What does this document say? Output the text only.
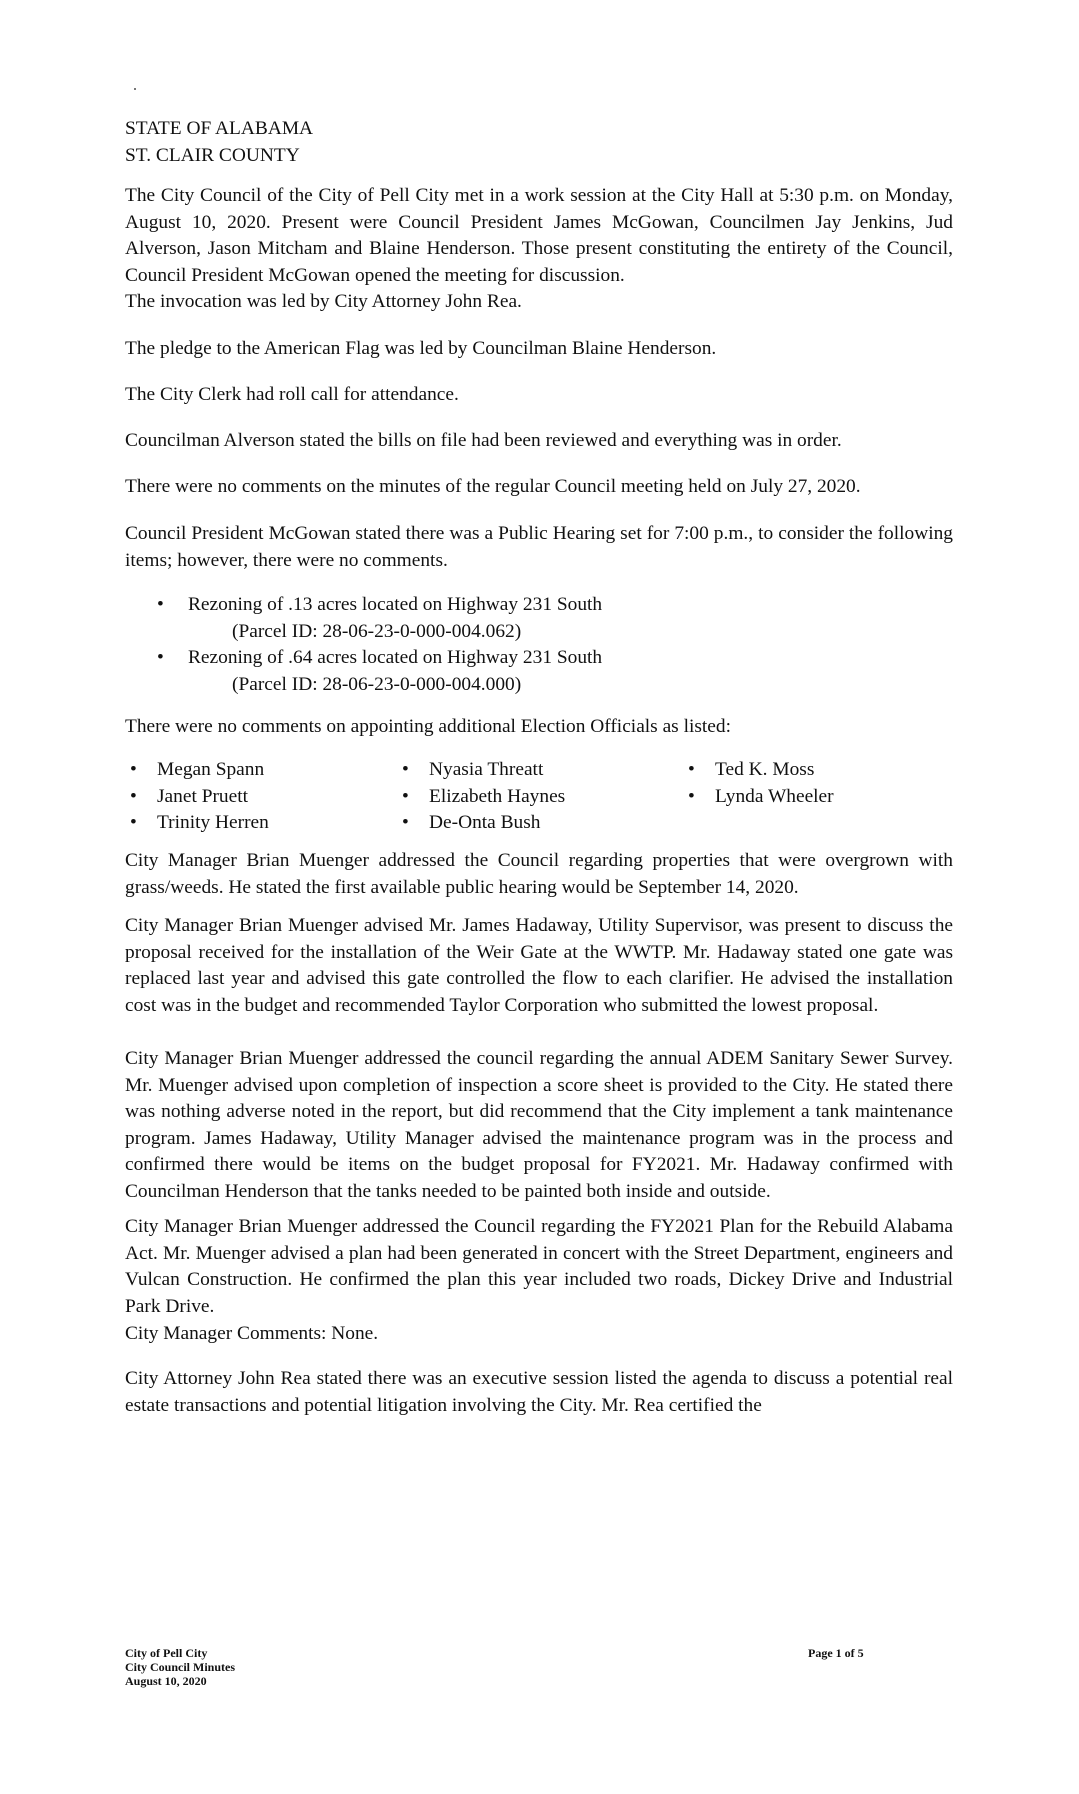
STATE OF ALABAMA
ST. CLAIR COUNTY

The City Council of the City of Pell City met in a work session at the City Hall at 5:30 p.m. on Monday, August 10, 2020. Present were Council President James McGowan, Councilmen Jay Jenkins, Jud Alverson, Jason Mitcham and Blaine Henderson. Those present constituting the entirety of the Council, Council President McGowan opened the meeting for discussion.

The invocation was led by City Attorney John Rea.

The pledge to the American Flag was led by Councilman Blaine Henderson.

The City Clerk had roll call for attendance.

Councilman Alverson stated the bills on file had been reviewed and everything was in order.

There were no comments on the minutes of the regular Council meeting held on July 27, 2020.

Council President McGowan stated there was a Public Hearing set for 7:00 p.m., to consider the following items; however, there were no comments.

• Rezoning of .13 acres located on Highway 231 South
(Parcel ID: 28-06-23-0-000-004.062)
• Rezoning of .64 acres located on Highway 231 South
(Parcel ID: 28-06-23-0-000-004.000)

There were no comments on appointing additional Election Officials as listed:

• Megan Spann
• Janet Pruett
• Trinity Herren
• Nyasia Threatt
• Elizabeth Haynes
• De-Onta Bush
• Ted K. Moss
• Lynda Wheeler

City Manager Brian Muenger addressed the Council regarding properties that were overgrown with grass/weeds. He stated the first available public hearing would be September 14, 2020.

City Manager Brian Muenger advised Mr. James Hadaway, Utility Supervisor, was present to discuss the proposal received for the installation of the Weir Gate at the WWTP. Mr. Hadaway stated one gate was replaced last year and advised this gate controlled the flow to each clarifier. He advised the installation cost was in the budget and recommended Taylor Corporation who submitted the lowest proposal.

City Manager Brian Muenger addressed the council regarding the annual ADEM Sanitary Sewer Survey. Mr. Muenger advised upon completion of inspection a score sheet is provided to the City. He stated there was nothing adverse noted in the report, but did recommend that the City implement a tank maintenance program. James Hadaway, Utility Manager advised the maintenance program was in the process and confirmed there would be items on the budget proposal for FY2021. Mr. Hadaway confirmed with Councilman Henderson that the tanks needed to be painted both inside and outside.

City Manager Brian Muenger addressed the Council regarding the FY2021 Plan for the Rebuild Alabama Act. Mr. Muenger advised a plan had been generated in concert with the Street Department, engineers and Vulcan Construction. He confirmed the plan this year included two roads, Dickey Drive and Industrial Park Drive.

City Manager Comments: None.

City Attorney John Rea stated there was an executive session listed the agenda to discuss a potential real estate transactions and potential litigation involving the City. Mr. Rea certified the

City of Pell City
City Council Minutes
August 10, 2020
Page 1 of 5
